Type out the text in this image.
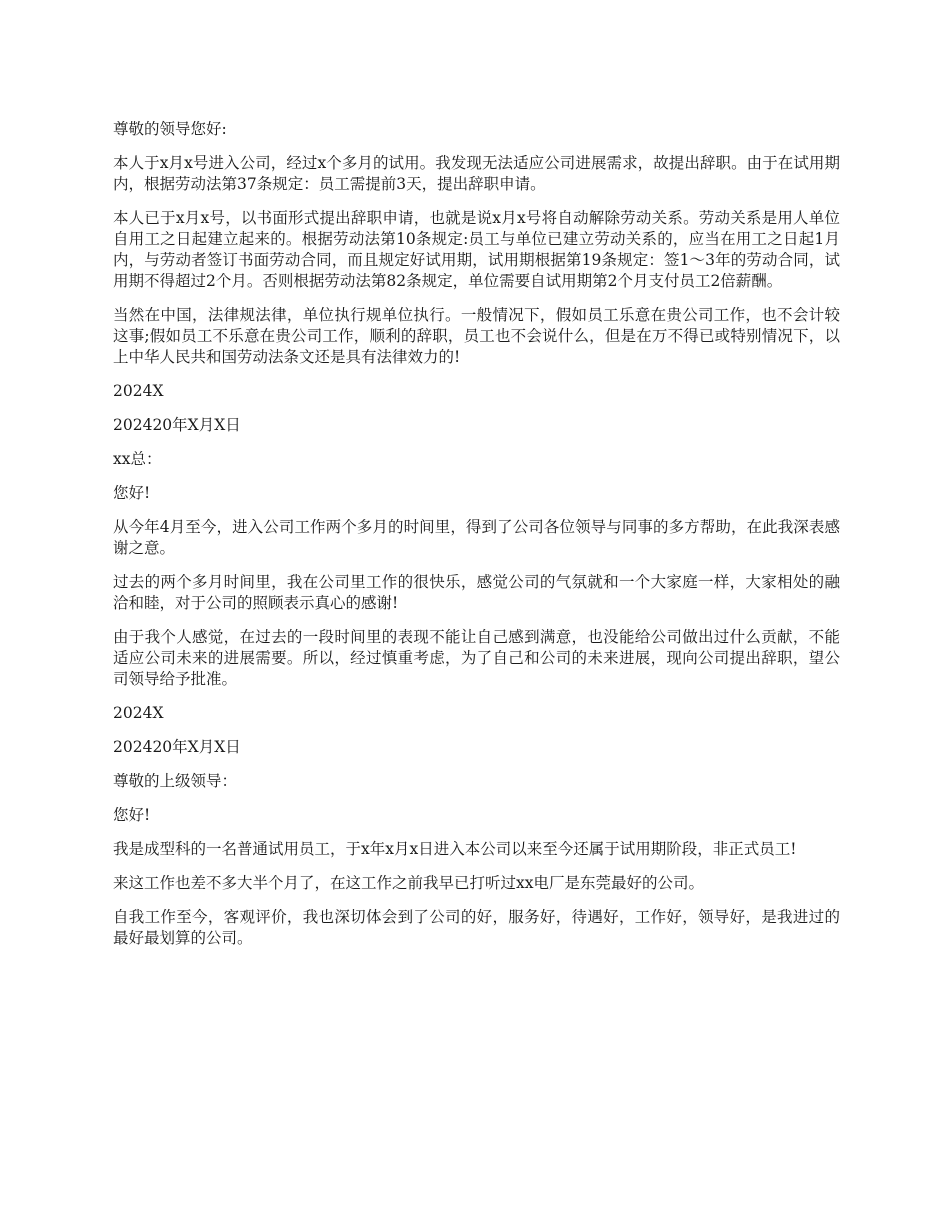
尊敬的领导您好:

本人于x月x号进入公司，经过x个多月的试用。我发现无法适应公司进展需求，故提出辞职。由于在试用期内，根据劳动法第37条规定：员工需提前3天，提出辞职申请。

本人已于x月x号，以书面形式提出辞职申请，也就是说x月x号将自动解除劳动关系。劳动关系是用人单位自用工之日起建立起来的。根据劳动法第10条规定:员工与单位已建立劳动关系的，应当在用工之日起1月内，与劳动者签订书面劳动合同，而且规定好试用期，试用期根据第19条规定：签1～3年的劳动合同，试用期不得超过2个月。否则根据劳动法第82条规定，单位需要自试用期第2个月支付员工2倍薪酬。

当然在中国，法律规法律，单位执行规单位执行。一般情况下，假如员工乐意在贵公司工作，也不会计较这事;假如员工不乐意在贵公司工作，顺利的辞职，员工也不会说什么，但是在万不得已或特别情况下，以上中华人民共和国劳动法条文还是具有法律效力的!

2024X

202420年X月X日

xx总：

您好!

从今年4月至今，进入公司工作两个多月的时间里，得到了公司各位领导与同事的多方帮助，在此我深表感谢之意。

过去的两个多月时间里，我在公司里工作的很快乐，感觉公司的气氛就和一个大家庭一样，大家相处的融洽和睦，对于公司的照顾表示真心的感谢!

由于我个人感觉，在过去的一段时间里的表现不能让自己感到满意，也没能给公司做出过什么贡献，不能适应公司未来的进展需要。所以，经过慎重考虑，为了自己和公司的未来进展，现向公司提出辞职，望公司领导给予批准。

2024X

202420年X月X日

尊敬的上级领导：

您好!

我是成型科的一名普通试用员工，于x年x月x日进入本公司以来至今还属于试用期阶段，非正式员工!

来这工作也差不多大半个月了，在这工作之前我早已打听过xx电厂是东莞最好的公司。

自我工作至今，客观评价，我也深切体会到了公司的好，服务好，待遇好，工作好，领导好，是我进过的最好最划算的公司。
